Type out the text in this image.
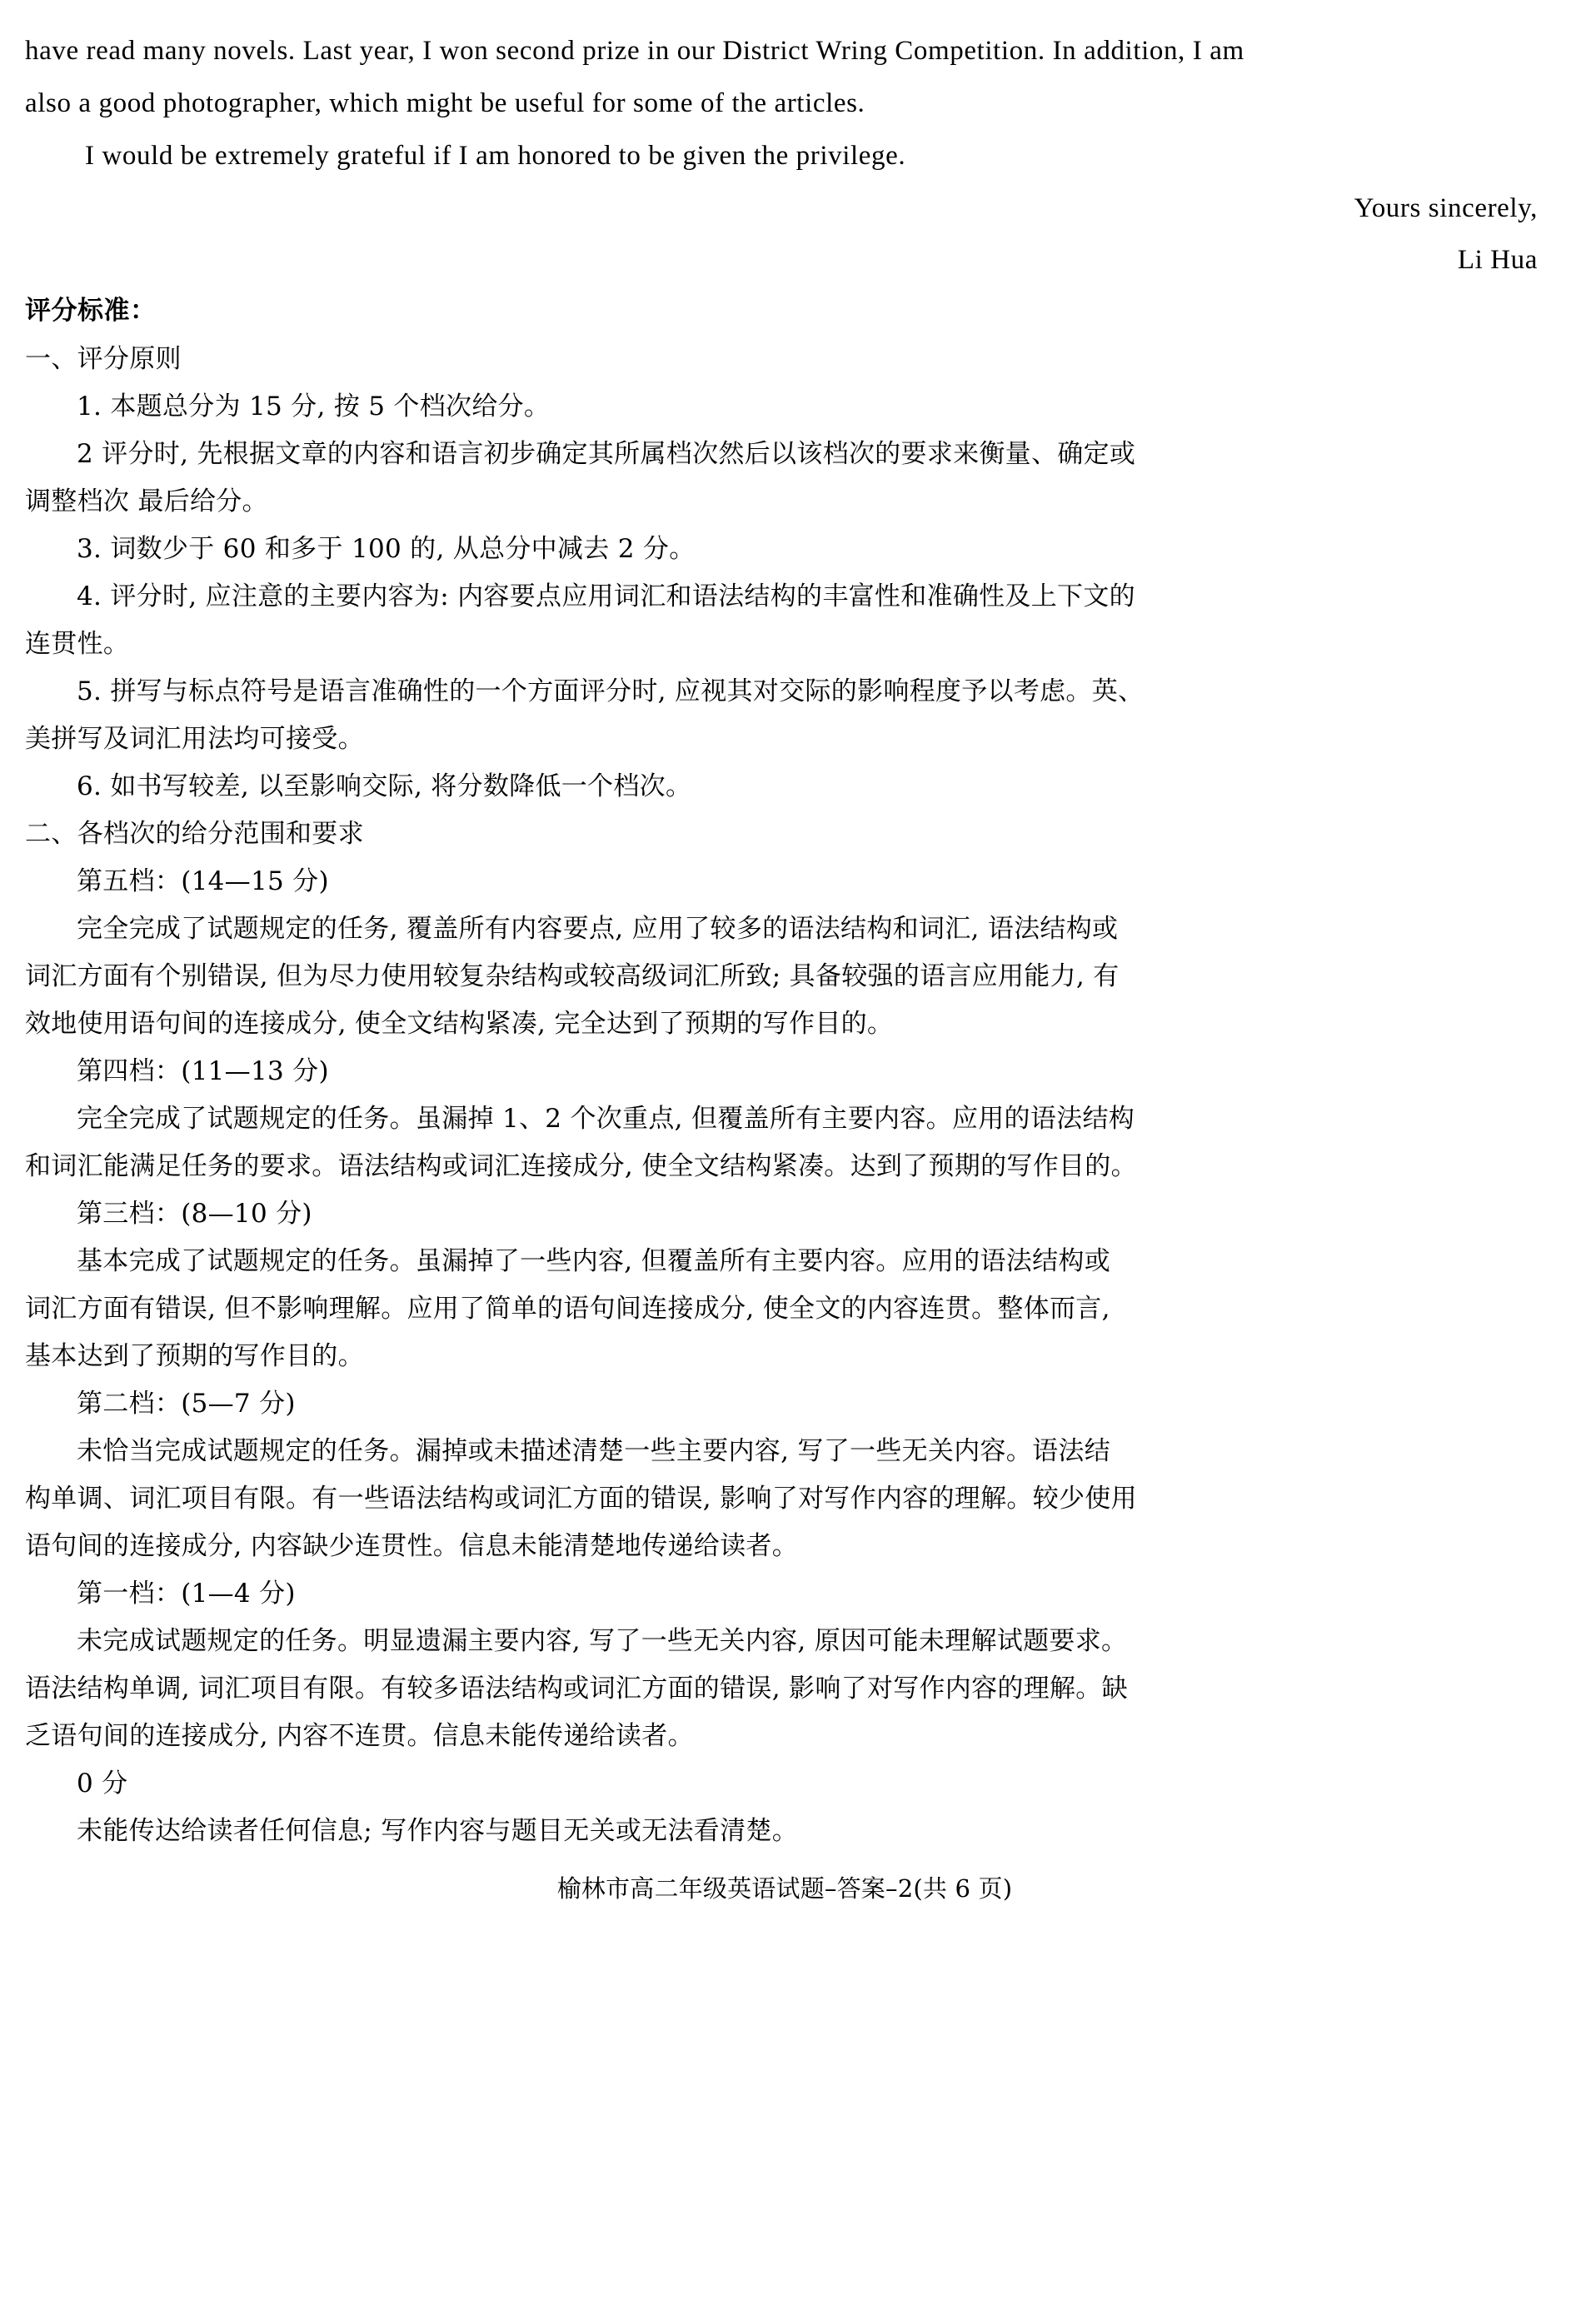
have read many novels. Last year, I won second prize in our District Wring Competition. In addition, I am
also a good photographer, which might be useful for some of the articles.
I would be extremely grateful if I am honored to be given the privilege.
Yours sincerely,
Li Hua
评分标准：
一、评分原则
1. 本题总分为 15 分, 按 5 个档次给分。
2 评分时, 先根据文章的内容和语言初步确定其所属档次然后以该档次的要求来衡量、确定或
调整档次 最后给分。
3. 词数少于 60 和多于 100 的, 从总分中减去 2 分。
4. 评分时, 应注意的主要内容为: 内容要点应用词汇和语法结构的丰富性和准确性及上下文的
连贯性。
5. 拼写与标点符号是语言准确性的一个方面评分时, 应视其对交际的影响程度予以考虑。英、
美拼写及词汇用法均可接受。
6. 如书写较差, 以至影响交际, 将分数降低一个档次。
二、各档次的给分范围和要求
第五档：(14—15 分)
完全完成了试题规定的任务, 覆盖所有内容要点, 应用了较多的语法结构和词汇, 语法结构或
词汇方面有个别错误, 但为尽力使用较复杂结构或较高级词汇所致; 具备较强的语言应用能力, 有
效地使用语句间的连接成分, 使全文结构紧凑, 完全达到了预期的写作目的。
第四档：(11—13 分)
完全完成了试题规定的任务。虽漏掉 1、2 个次重点, 但覆盖所有主要内容。应用的语法结构
和词汇能满足任务的要求。语法结构或词汇连接成分, 使全文结构紧凑。达到了预期的写作目的。
第三档：(8—10 分)
基本完成了试题规定的任务。虽漏掉了一些内容, 但覆盖所有主要内容。应用的语法结构或
词汇方面有错误, 但不影响理解。应用了简单的语句间连接成分, 使全文的内容连贯。整体而言,
基本达到了预期的写作目的。
第二档：(5—7 分)
未恰当完成试题规定的任务。漏掉或未描述清楚一些主要内容, 写了一些无关内容。语法结
构单调、词汇项目有限。有一些语法结构或词汇方面的错误, 影响了对写作内容的理解。较少使用
语句间的连接成分, 内容缺少连贯性。信息未能清楚地传递给读者。
第一档：(1—4 分)
未完成试题规定的任务。明显遗漏主要内容, 写了一些无关内容, 原因可能未理解试题要求。
语法结构单调, 词汇项目有限。有较多语法结构或词汇方面的错误, 影响了对写作内容的理解。缺
乏语句间的连接成分, 内容不连贯。信息未能传递给读者。
0 分
未能传达给读者任何信息; 写作内容与题目无关或无法看清楚。
榆林市高二年级英语试题–答案–2(共 6 页)
